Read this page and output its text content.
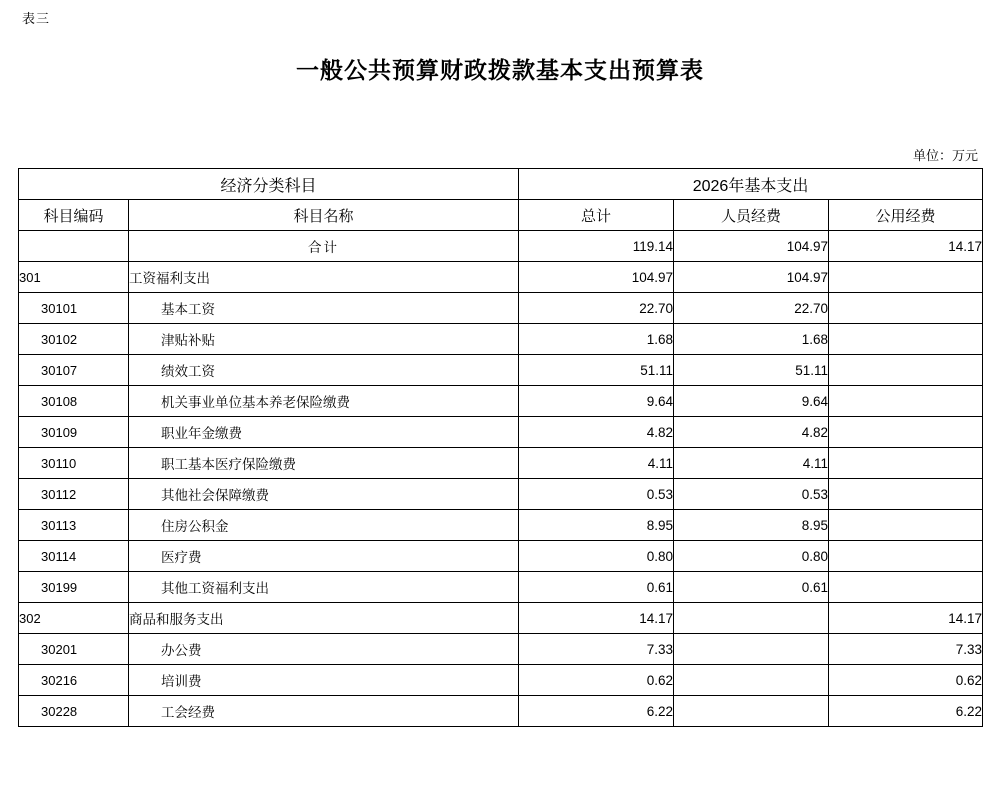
表三
一般公共预算财政拨款基本支出预算表
单位：万元
经济分类科目		2026年基本支出		
科目编码	科目名称	总计	人员经费	公用经费
	合计	119.14	104.97	14.17
301	工资福利支出	104.97	104.97	
30101	基本工资	22.70	22.70	
30102	津贴补贴	1.68	1.68	
30107	绩效工资	51.11	51.11	
30108	机关事业单位基本养老保险缴费	9.64	9.64	
30109	职业年金缴费	4.82	4.82	
30110	职工基本医疗保险缴费	4.11	4.11	
30112	其他社会保障缴费	0.53	0.53	
30113	住房公积金	8.95	8.95	
30114	医疗费	0.80	0.80	
30199	其他工资福利支出	0.61	0.61	
302	商品和服务支出	14.17		14.17
30201	办公费	7.33		7.33
30216	培训费	0.62		0.62
30228	工会经费	6.22		6.22
